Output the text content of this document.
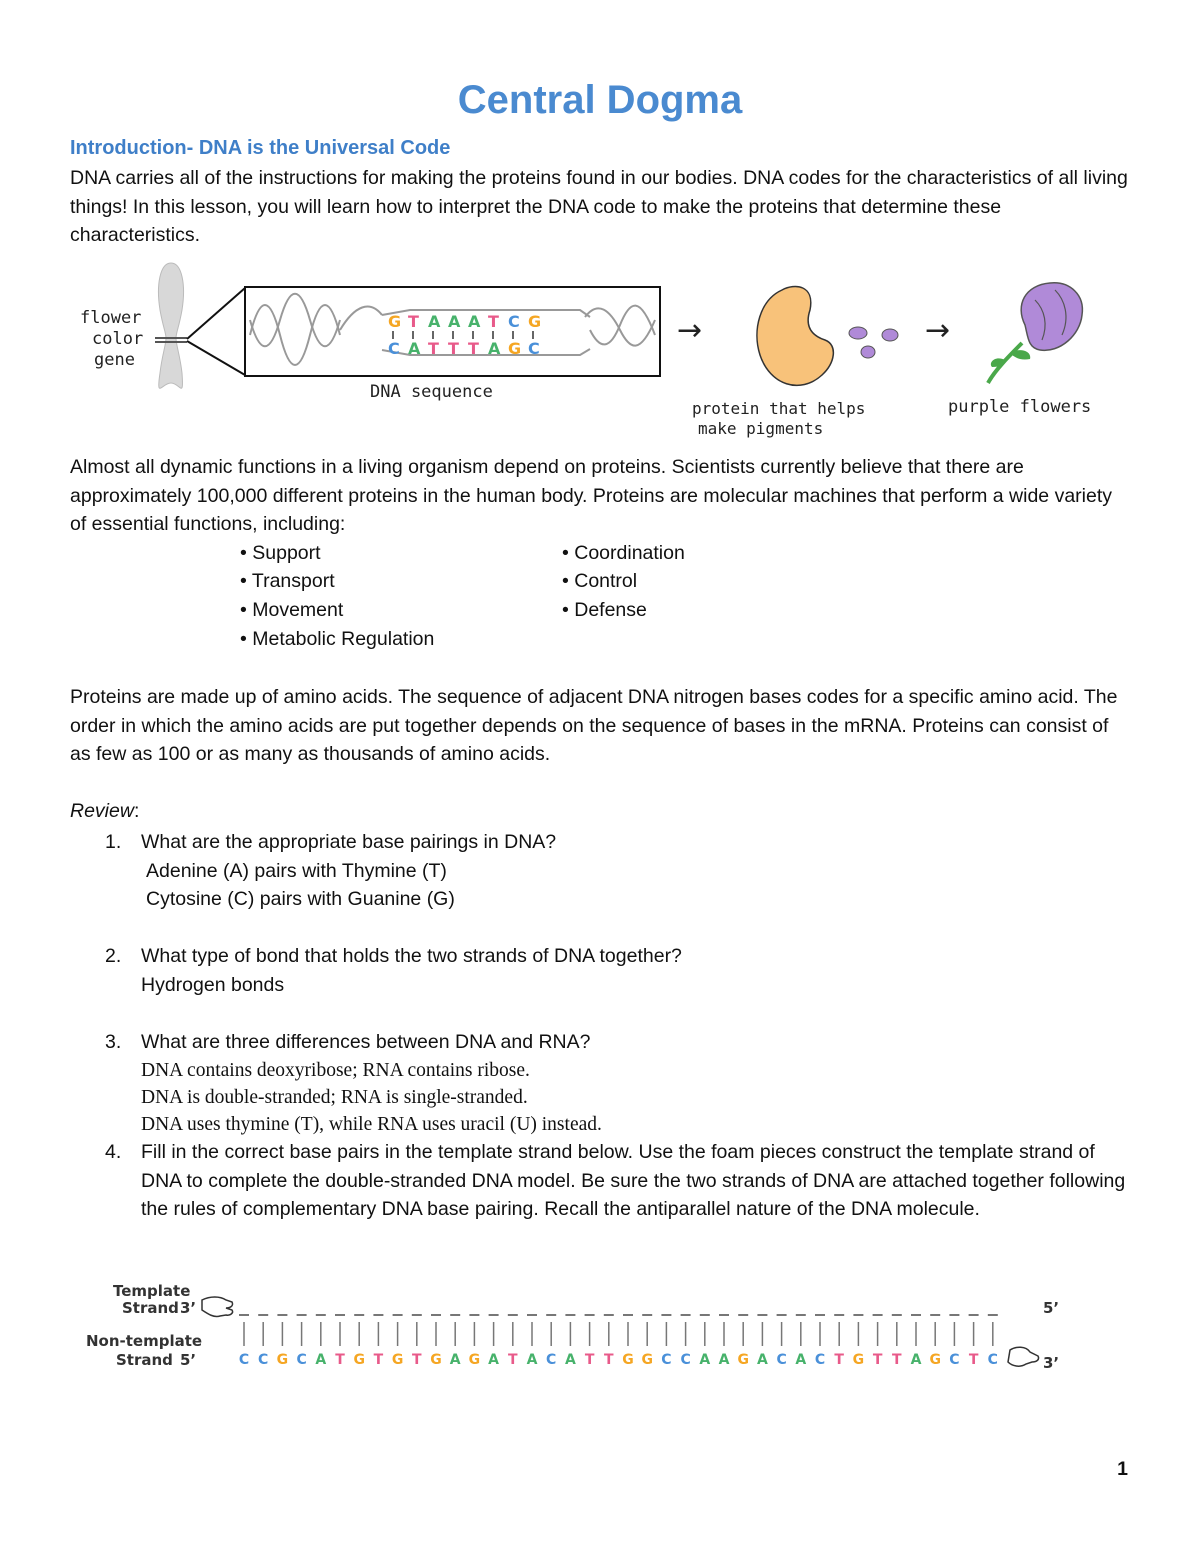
Central Dogma
Introduction- DNA is the Universal Code

DNA carries all of the instructions for making the proteins found in our bodies. DNA codes for the characteristics of all living things! In this lesson, you will learn how to interpret the DNA code to make the proteins that determine these characteristics.

flower
color
gene
G T A A A T C G
C A T T T A G C
DNA sequence
→	→
protein that helps
make pigments
purple flowers

Almost all dynamic functions in a living organism depend on proteins. Scientists currently believe that there are approximately 100,000 different proteins in the human body. Proteins are molecular machines that perform a wide variety of essential functions, including:

• Support
• Transport
• Movement
• Metabolic Regulation
• Coordination
• Control
• Defense

Proteins are made up of amino acids. The sequence of adjacent DNA nitrogen bases codes for a specific amino acid. The order in which the amino acids are put together depends on the sequence of bases in the mRNA. Proteins can consist of as few as 100 or as many as thousands of amino acids.

Review:
1. What are the appropriate base pairings in DNA?
Adenine (A) pairs with Thymine (T)
Cytosine (C) pairs with Guanine (G)
2. What type of bond that holds the two strands of DNA together?
Hydrogen bonds
3. What are three differences between DNA and RNA?
DNA contains deoxyribose; RNA contains ribose.
DNA is double-stranded; RNA is single-stranded.
DNA uses thymine (T), while RNA uses uracil (U) instead.
4. Fill in the correct base pairs in the template strand below. Use the foam pieces construct the template strand of DNA to complete the double-stranded DNA model. Be sure the two strands of DNA are attached together following the rules of complementary DNA base pairing. Recall the antiparallel nature of the DNA molecule.
Template
Strand 3’	5’
Non-template
Strand 5’	3’
C C G C A T G T G T G A G A T A C A T T G G C C A A G A C A C T G T T A G C T C
1
